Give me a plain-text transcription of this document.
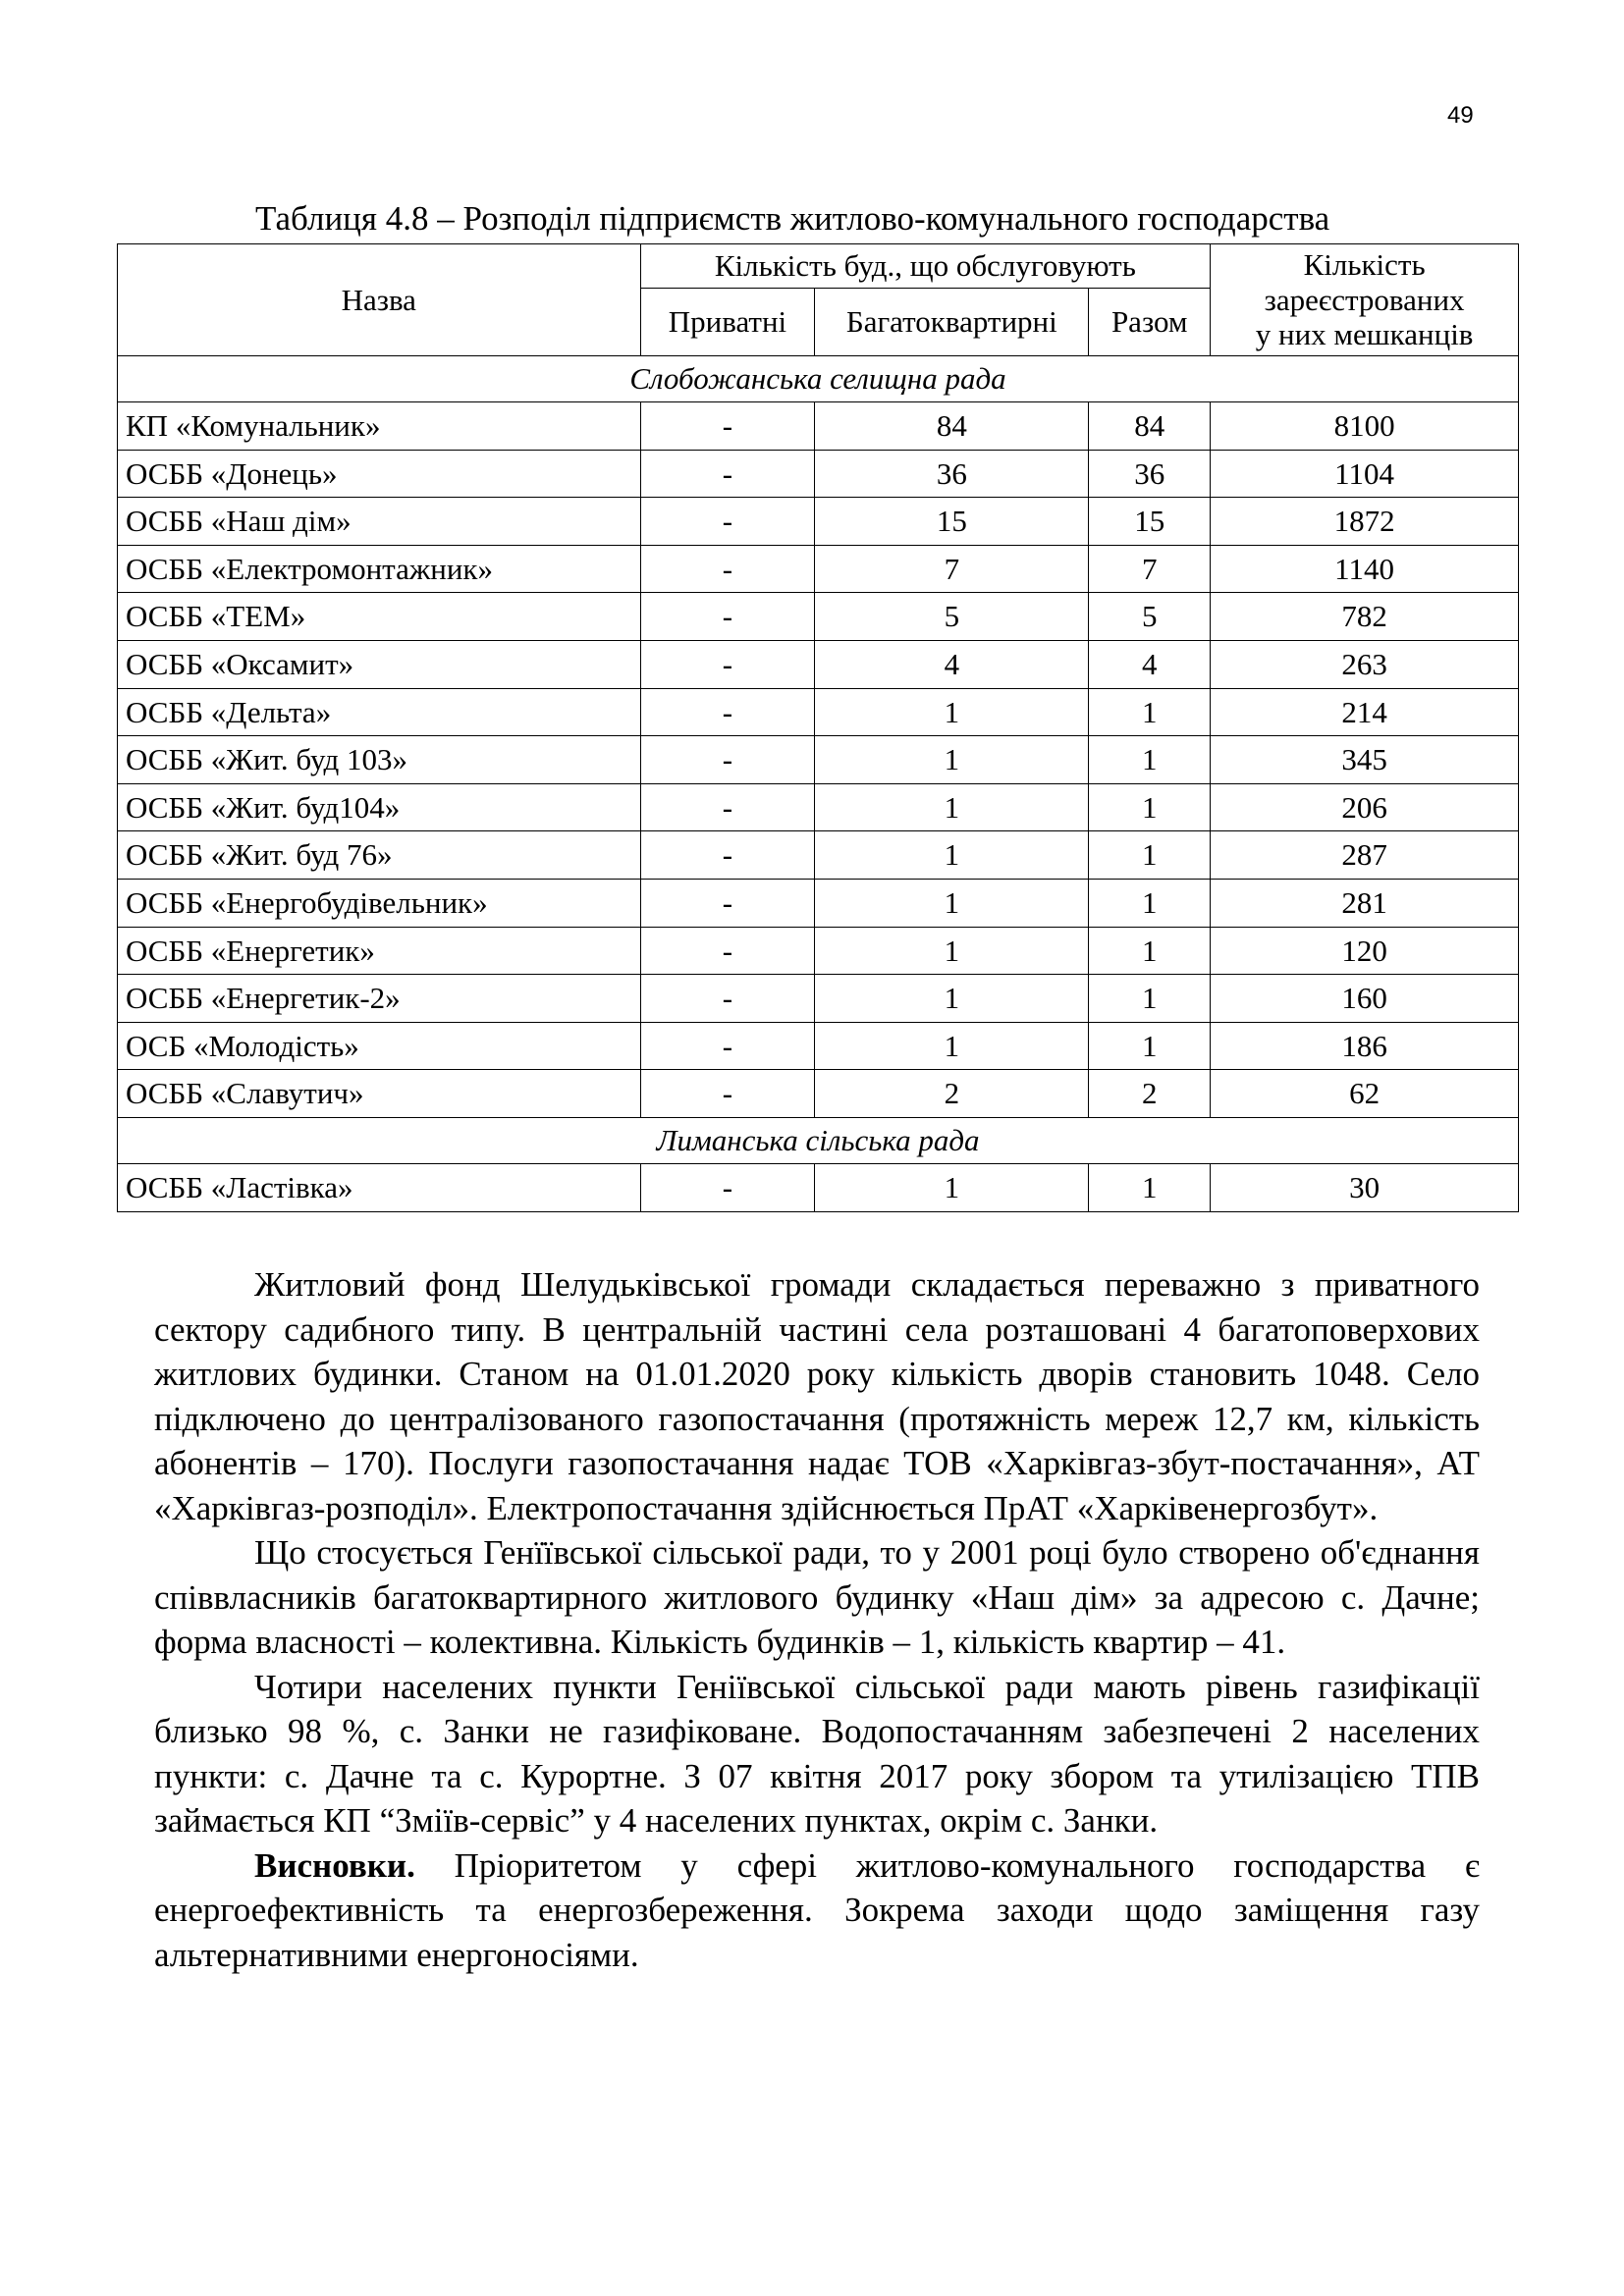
49
Таблиця 4.8 – Розподіл підприємств житлово-комунального господарства
Назва	Кількість буд., що обслуговують			Кількість
зареєстрованих
у них мешканців

	Приватні	Багатоквартирні	Разом	
Слобожанська селищна рада				
КП «Комунальник»	-	84	84	8100
ОСББ «Донець»	-	36	36	1104
ОСББ «Наш дім»	-	15	15	1872
ОСББ «Електромонтажник»	-	7	7	1140
ОСББ «ТЕМ»	-	5	5	782
ОСББ «Оксамит»	-	4	4	263
ОСББ «Дельта»	-	1	1	214
ОСББ «Жит. буд 103»	-	1	1	345
ОСББ «Жит. буд104»	-	1	1	206
ОСББ «Жит. буд 76»	-	1	1	287
ОСББ «Енергобудівельник»	-	1	1	281
ОСББ «Енергетик»	-	1	1	120
ОСББ «Енергетик-2»	-	1	1	160
ОСБ «Молодість»	-	1	1	186
ОСББ «Славутич»	-	2	2	62
Лиманська сільська рада				
ОСББ «Ластівка»	-	1	1	30

Житловий фонд Шелудьківської громади складається переважно з приватного сектору садибного типу. В центральній частині села розташовані 4 багатоповерхових житлових будинки. Станом на 01.01.2020 року кількість дворів становить 1048. Село підключено до централізованого газопостачання (протяжність мереж 12,7 км, кількість абонентів – 170). Послуги газопостачання надає ТОВ «Харківгаз-збут-постачання», АТ «Харківгаз-розподіл». Електропостачання здійснюється ПрАТ «Харківенергозбут».

Що стосується Генїївської сільської ради, то у 2001 році було створено об'єднання співвласників багатоквартирного житлового будинку «Наш дім» за адресою с. Дачне; форма власності – колективна. Кількість будинків – 1, кількість квартир – 41.

Чотири населених пункти Геніївської сільської ради мають рівень газифікації близько 98 %, с. Занки не газифіковане. Водопостачанням забезпечені 2 населених пункти: с. Дачне та с. Курортне. З 07 квітня 2017 року збором та утилізацією ТПВ займається КП “Зміїв-сервіс” у 4 населених пунктах, окрім с. Занки.

Висновки. Пріоритетом у сфері житлово-комунального господарства є енергоефективність та енергозбереження. Зокрема заходи щодо заміщення газу альтернативними енергоносіями.
